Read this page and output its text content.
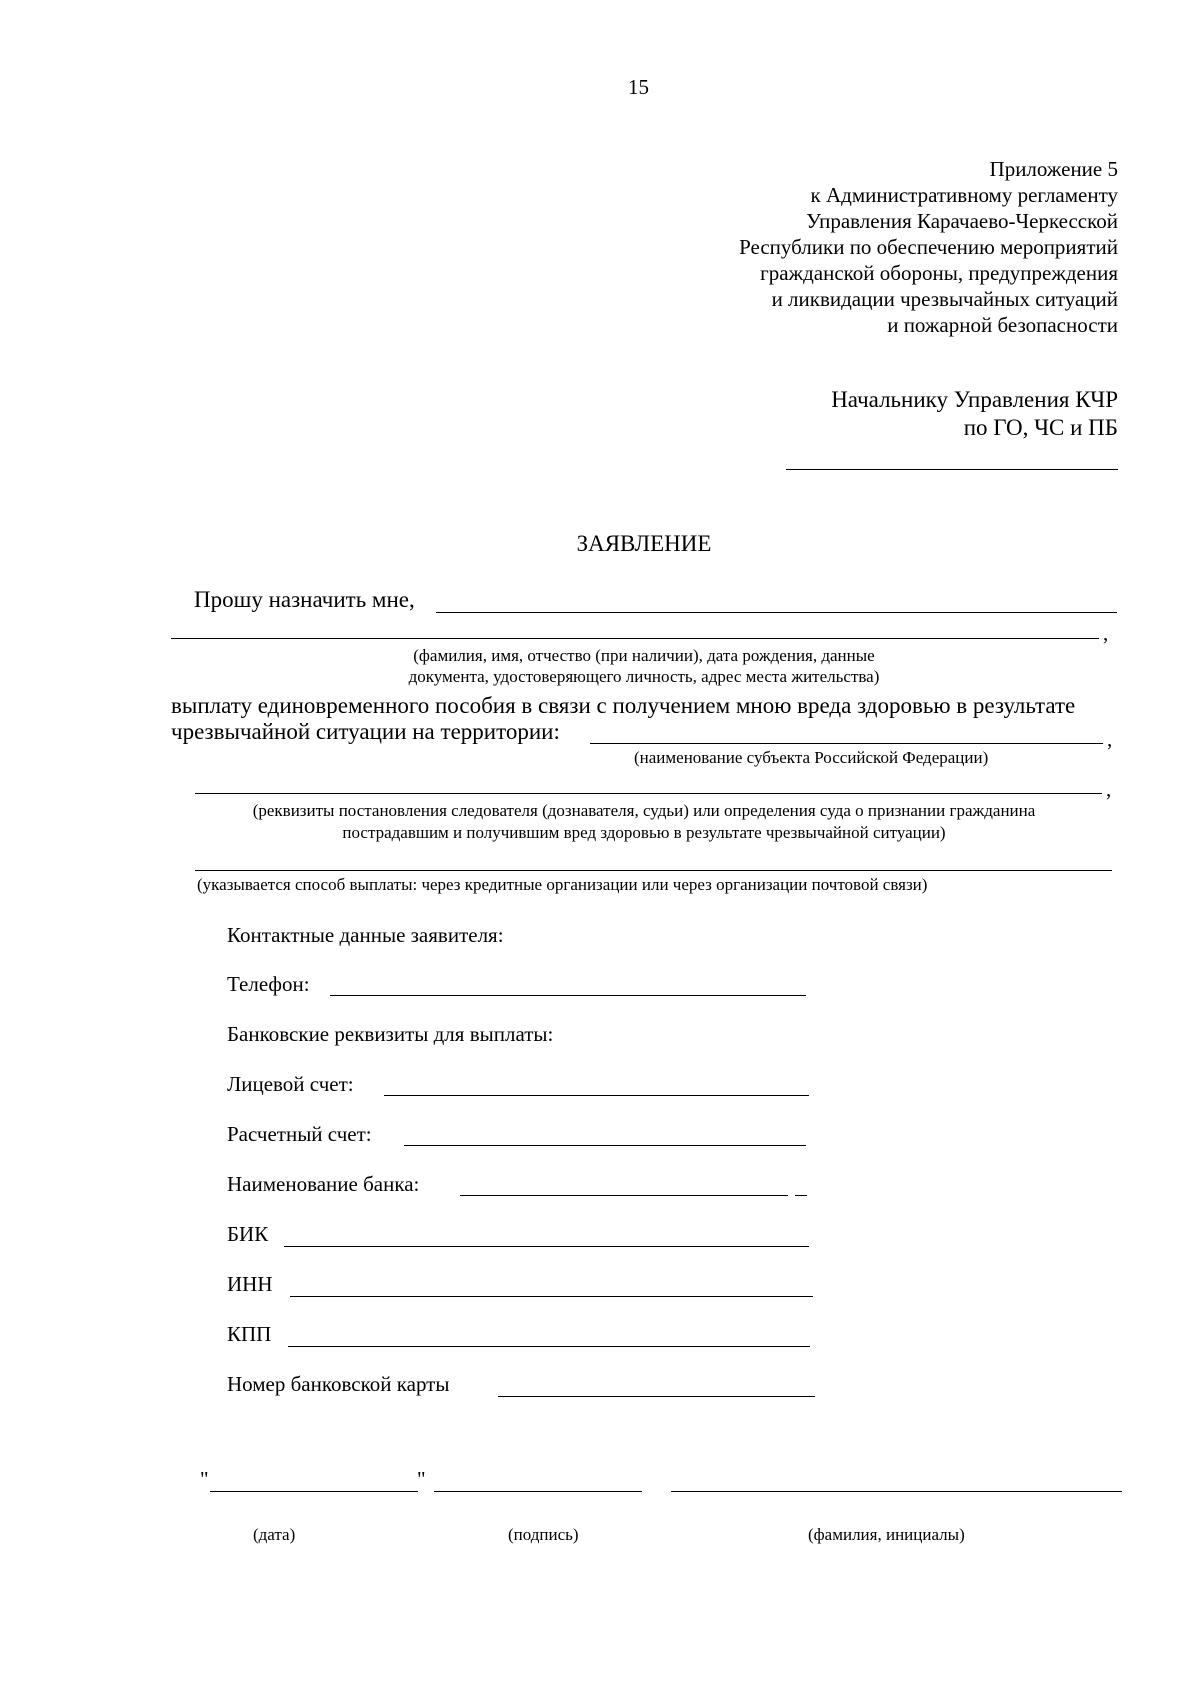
15
Приложение 5
к Административному регламенту
Управления Карачаево-Черкесской
Республики по обеспечению мероприятий
гражданской обороны, предупреждения
и ликвидации чрезвычайных ситуаций
и пожарной безопасности
Начальнику Управления КЧР
по ГО, ЧС и ПБ
ЗАЯВЛЕНИЕ
Прошу назначить мне,
,
(фамилия, имя, отчество (при наличии), дата рождения, данные
документа, удостоверяющего личность, адрес места жительства)
выплату единовременного пособия в связи с получением мною вреда здоровью в результате
чрезвычайной ситуации на территории:	,
(наименование субъекта Российской Федерации)
,
(реквизиты постановления следователя (дознавателя, судьи) или определения суда о признании гражданина
пострадавшим и получившим вред здоровью в результате чрезвычайной ситуации)
(указывается способ выплаты: через кредитные организации или через организации почтовой связи)
Контактные данные заявителя:
Телефон:
Банковские реквизиты для выплаты:
Лицевой счет:
Расчетный счет:
Наименование банка:
БИК
ИНН
КПП
Номер банковской карты
"	"
(дата)	(подпись)	(фамилия, инициалы)
